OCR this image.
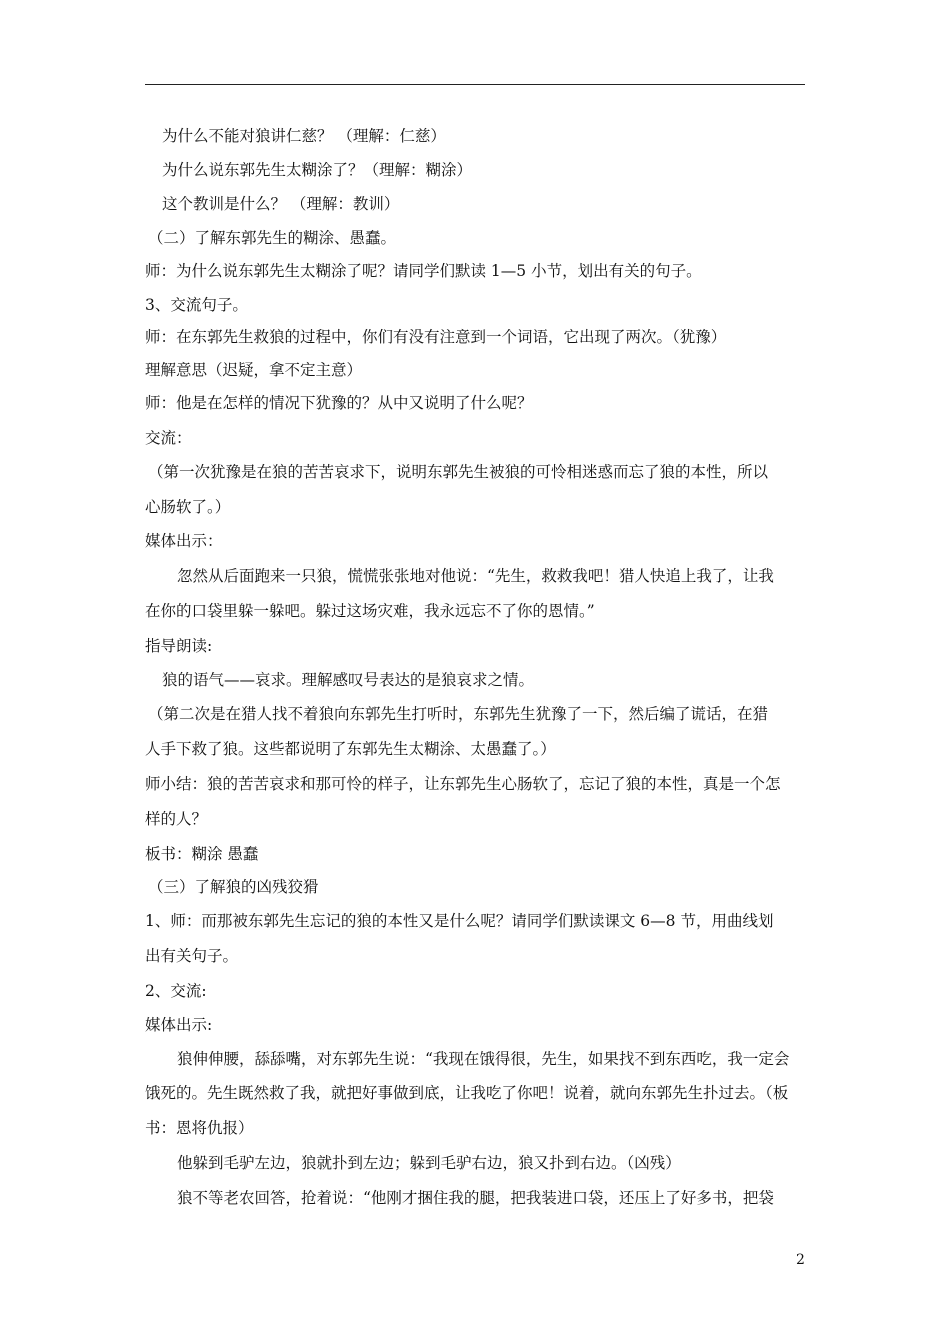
为什么不能对狼讲仁慈？ （理解：仁慈）
为什么说东郭先生太糊涂了？（理解：糊涂）
这个教训是什么？ （理解：教训）
（二）了解东郭先生的糊涂、愚蠢。
师：为什么说东郭先生太糊涂了呢？请同学们默读 1—5 小节，划出有关的句子。
3、交流句子。
师：在东郭先生救狼的过程中，你们有没有注意到一个词语，它出现了两次。（犹豫）
理解意思（迟疑，拿不定主意）
师：他是在怎样的情况下犹豫的？从中又说明了什么呢？
交流：
（第一次犹豫是在狼的苦苦哀求下，说明东郭先生被狼的可怜相迷惑而忘了狼的本性，所以
心肠软了。）
媒体出示：
忽然从后面跑来一只狼，慌慌张张地对他说：“先生，救救我吧！猎人快追上我了，让我
在你的口袋里躲一躲吧。躲过这场灾难，我永远忘不了你的恩情。”
指导朗读:
狼的语气——哀求。理解感叹号表达的是狼哀求之情。
（第二次是在猎人找不着狼向东郭先生打听时，东郭先生犹豫了一下，然后编了谎话，在猎
人手下救了狼。这些都说明了东郭先生太糊涂、太愚蠢了。）
师小结：狼的苦苦哀求和那可怜的样子，让东郭先生心肠软了，忘记了狼的本性，真是一个怎
样的人？
板书：糊涂 愚蠢
（三）了解狼的凶残狡猾
1、师：而那被东郭先生忘记的狼的本性又是什么呢？请同学们默读课文 6—8 节，用曲线划
出有关句子。
2、交流:
媒体出示:
狼伸伸腰，舔舔嘴，对东郭先生说：“我现在饿得很，先生，如果找不到东西吃，我一定会
饿死的。先生既然救了我，就把好事做到底，让我吃了你吧！说着，就向东郭先生扑过去。（板
书：恩将仇报）
他躲到毛驴左边，狼就扑到左边；躲到毛驴右边，狼又扑到右边。（凶残）
狼不等老农回答，抢着说：“他刚才捆住我的腿，把我装进口袋，还压上了好多书，把袋
2
